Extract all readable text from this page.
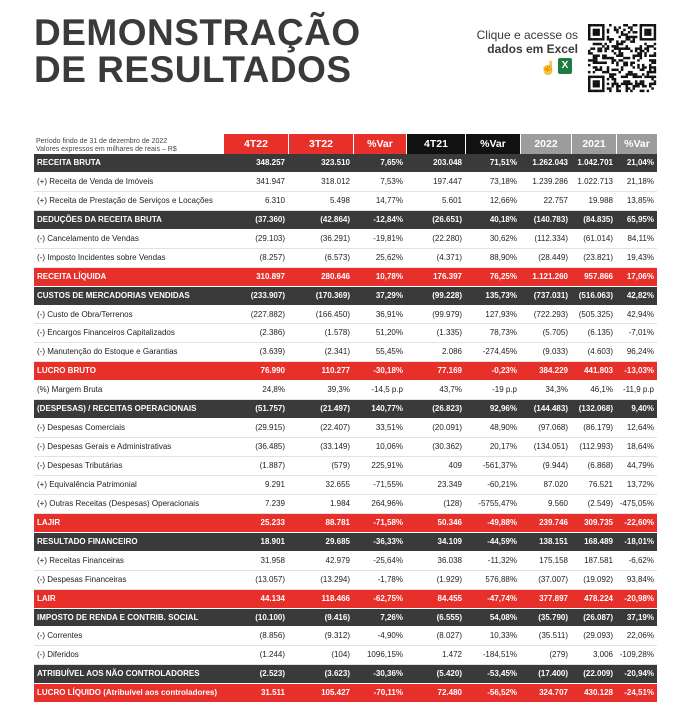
DEMONSTRAÇÃO
DE RESULTADOS
Clique e acesse os
dados em Excel
☝ X
Período findo de 31 de dezembro de 2022
Valores expressos em milhares de reais – R$	4T22	3T22	%Var	4T21	%Var	2022	2021	%Var
RECEITA BRUTA	348.257	323.510	7,65%	203.048	71,51%	1.262.043	1.042.701	21,04%
(+) Receita de Venda de Imóveis	341.947	318.012	7,53%	197.447	73,18%	1.239.286	1.022.713	21,18%
(+) Receita de Prestação de Serviços e Locações	6.310	5.498	14,77%	5.601	12,66%	22.757	19.988	13,85%
DEDUÇÕES DA RECEITA BRUTA	(37.360)	(42.864)	-12,84%	(26.651)	40,18%	(140.783)	(84.835)	65,95%
(-) Cancelamento de Vendas	(29.103)	(36.291)	-19,81%	(22.280)	30,62%	(112.334)	(61.014)	84,11%
(-) Imposto Incidentes sobre Vendas	(8.257)	(6.573)	25,62%	(4.371)	88,90%	(28.449)	(23.821)	19,43%
RECEITA LÍQUIDA	310.897	280.646	10,78%	176.397	76,25%	1.121.260	957.866	17,06%
CUSTOS DE MERCADORIAS VENDIDAS	(233.907)	(170.369)	37,29%	(99.228)	135,73%	(737.031)	(516.063)	42,82%
(-) Custo de Obra/Terrenos	(227.882)	(166.450)	36,91%	(99.979)	127,93%	(722.293)	(505.325)	42,94%
(-) Encargos Financeiros Capitalizados	(2.386)	(1.578)	51,20%	(1.335)	78,73%	(5.705)	(6.135)	-7,01%
(-) Manutenção do Estoque e Garantias	(3.639)	(2.341)	55,45%	2.086	-274,45%	(9.033)	(4.603)	96,24%
LUCRO BRUTO	76.990	110.277	-30,18%	77.169	-0,23%	384.229	441.803	-13,03%
(%) Margem Bruta	24,8%	39,3%	-14,5 p.p	43,7%	-19 p.p	34,3%	46,1%	-11,9 p.p
(DESPESAS) / RECEITAS OPERACIONAIS	(51.757)	(21.497)	140,77%	(26.823)	92,96%	(144.483)	(132.068)	9,40%
(-) Despesas Comerciais	(29.915)	(22.407)	33,51%	(20.091)	48,90%	(97.068)	(86.179)	12,64%
(-) Despesas Gerais e Administrativas	(36.485)	(33.149)	10,06%	(30.362)	20,17%	(134.051)	(112.993)	18,64%
(-) Despesas Tributárias	(1.887)	(579)	225,91%	409	-561,37%	(9.944)	(6.868)	44,79%
(+) Equivalência Patrimonial	9.291	32.655	-71,55%	23.349	-60,21%	87.020	76.521	13,72%
(+) Outras Receitas (Despesas) Operacionais	7.239	1.984	264,96%	(128)	-5755,47%	9.560	(2.549) -475,05%
LAJIR	25.233	88.781	-71,58%	50.346	-49,88%	239.746	309.735	-22,60%
RESULTADO FINANCEIRO	18.901	29.685	-36,33%	34.109	-44,59%	138.151	168.489	-18,01%
(+) Receitas Financeiras	31.958	42.979	-25,64%	36.038	-11,32%	175.158	187.581	-6,62%
(-) Despesas Financeiras	(13.057)	(13.294)	-1,78%	(1.929)	576,88%	(37.007)	(19.092)	93,84%
LAIR	44.134	118.466	-62,75%	84.455	-47,74%	377.897	478.224	-20,98%
IMPOSTO DE RENDA E CONTRIB. SOCIAL	(10.100)	(9.416)	7,26%	(6.555)	54,08%	(35.790)	(26.087)	37,19%
(-) Correntes	(8.856)	(9.312)	-4,90%	(8.027)	10,33%	(35.511)	(29.093)	22,06%
(-) Diferidos	(1.244)	(104)	1096,15%	1.472	-184,51%	(279)	3.006 -109,28%
ATRIBUÍVEL AOS NÃO CONTROLADORES	(2.523)	(3.623)	-30,36%	(5.420)	-53,45%	(17.400)	(22.009)	-20,94%
LUCRO LÍQUIDO (Atribuível aos controladores)	31.511	105.427	-70,11%	72.480	-56,52%	324.707	430.128	-24,51%
